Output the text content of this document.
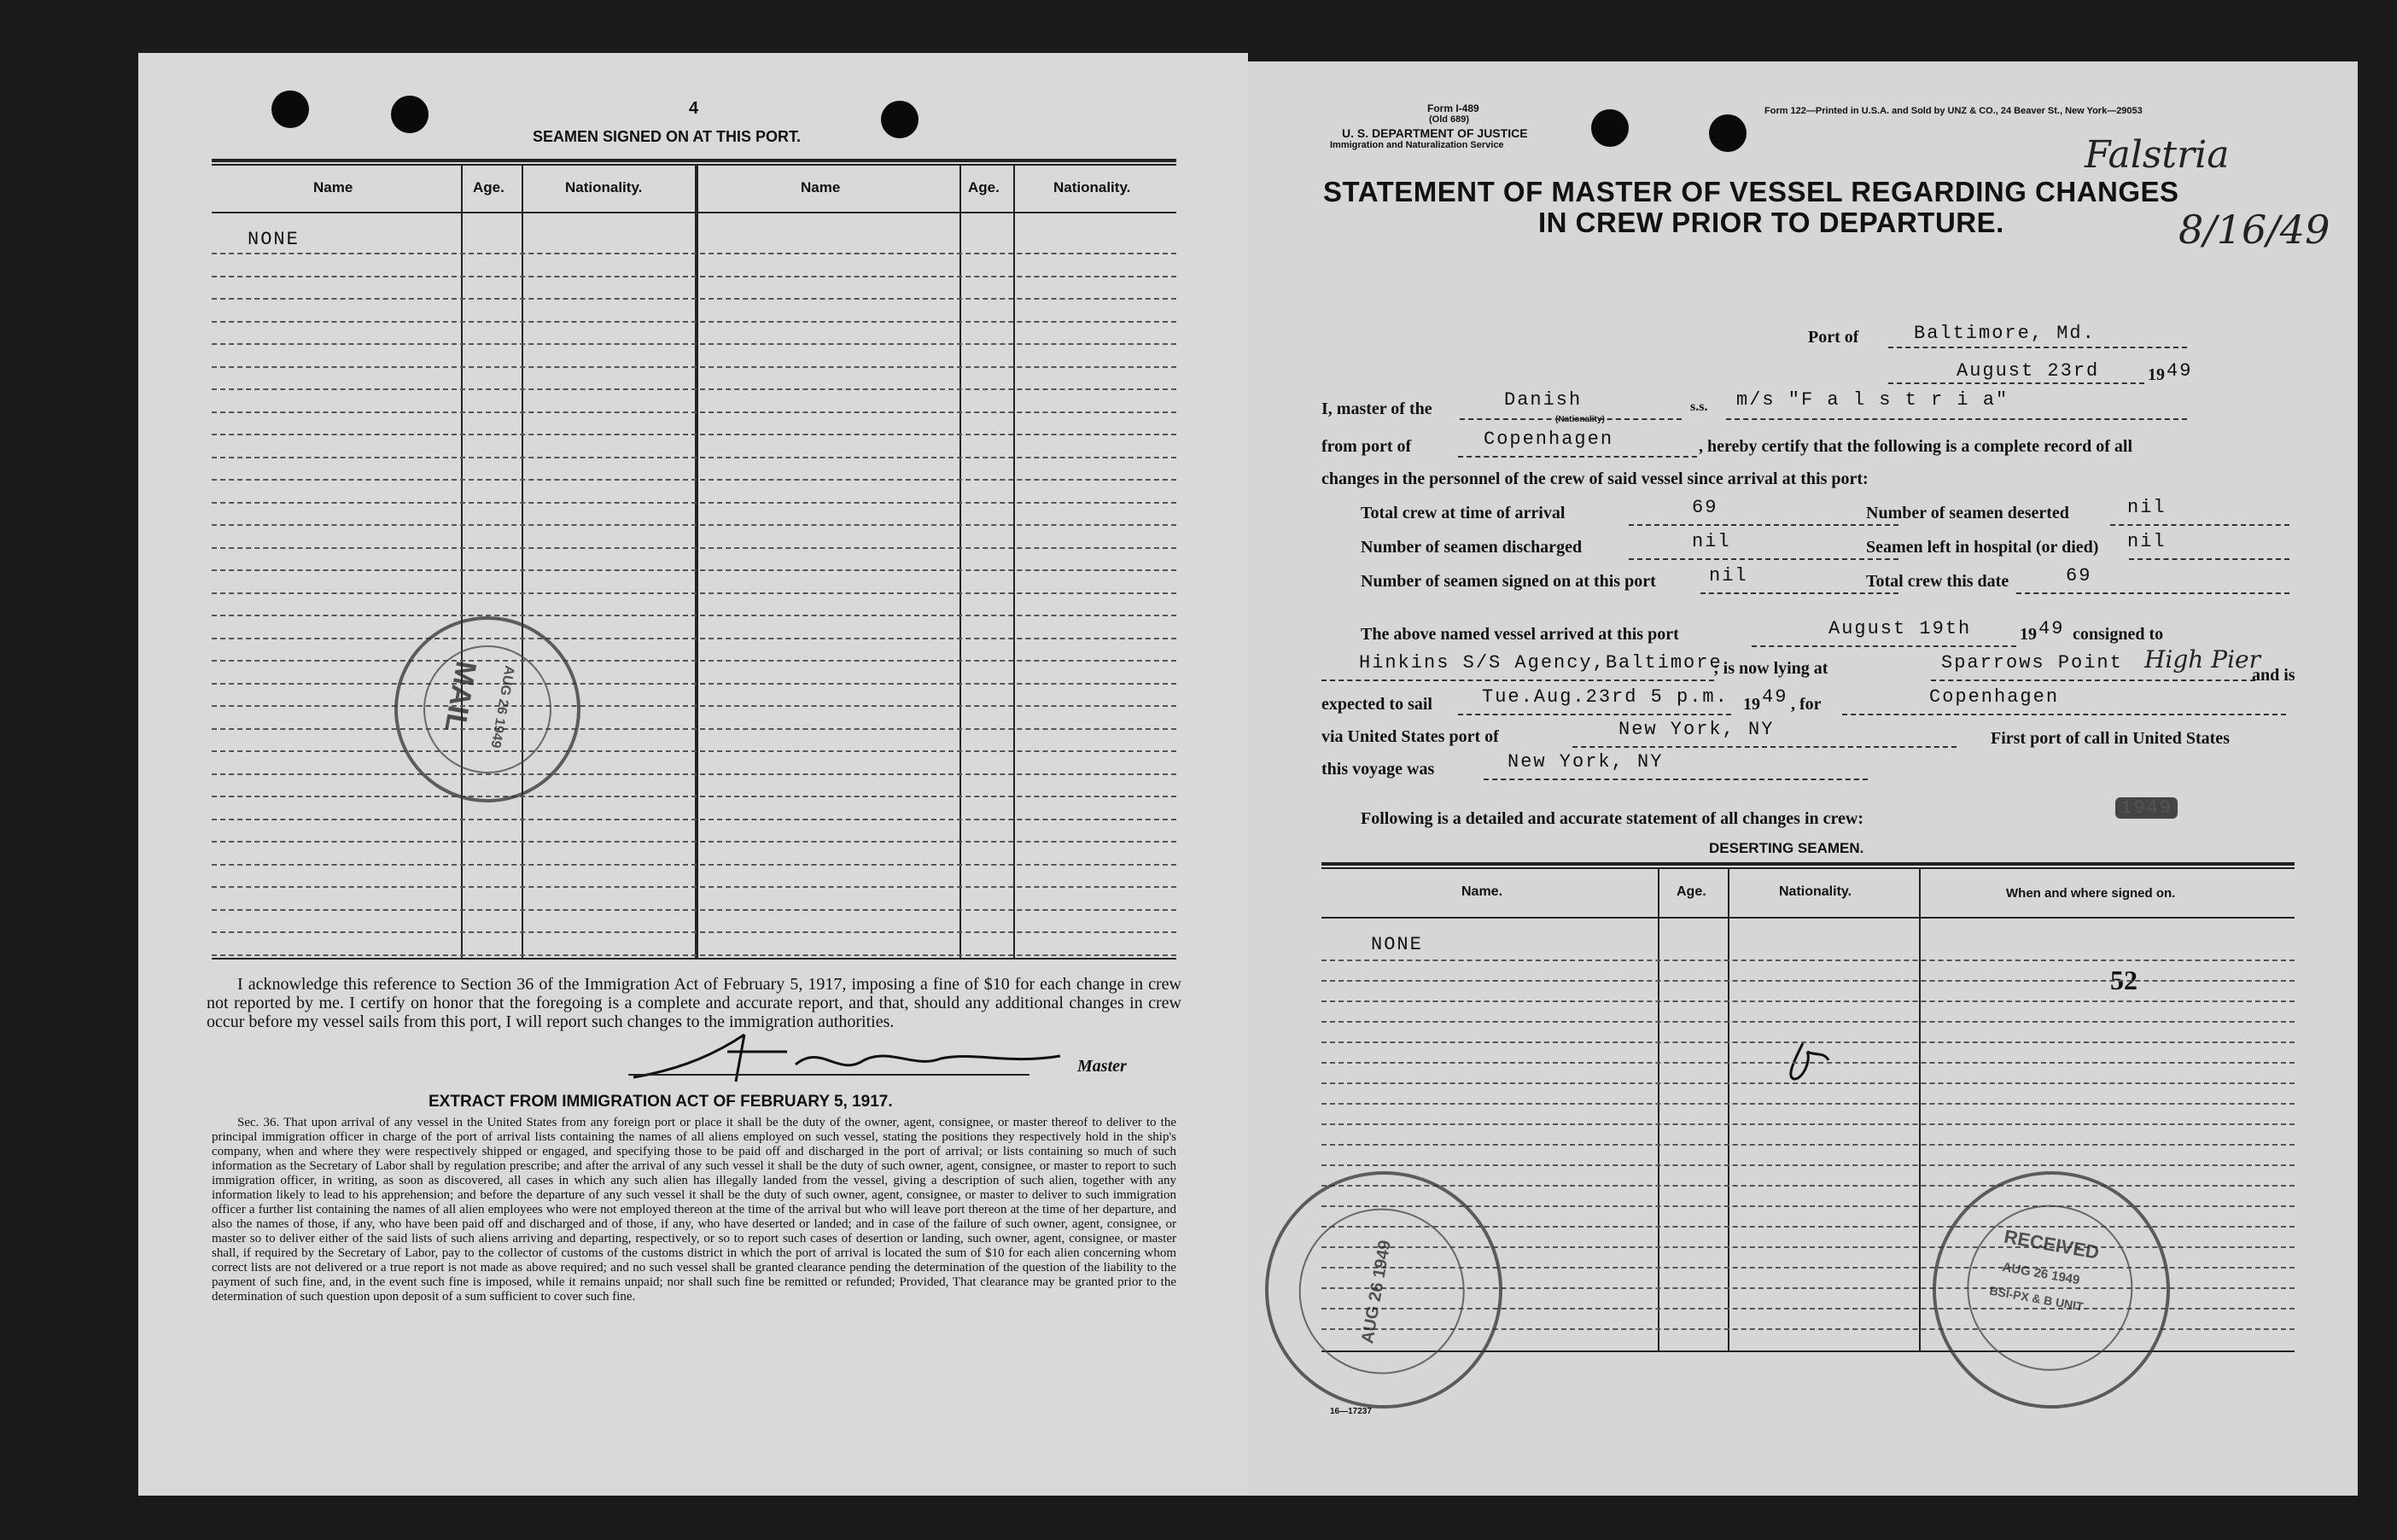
4
SEAMEN SIGNED ON AT THIS PORT.
Name	Age.	Nationality.	Name	Age.	Nationality.
NONE
MAIL AUG 26 1949
I acknowledge this reference to Section 36 of the Immigration Act of February 5, 1917, imposing a fine of $10 for each change in crew not reported by me. I certify on honor that the foregoing is a complete and accurate report, and that, should any additional changes in crew occur before my vessel sails from this port, I will report such changes to the immigration authorities.
Master
EXTRACT FROM IMMIGRATION ACT OF FEBRUARY 5, 1917.
Sec. 36. That upon arrival of any vessel in the United States from any foreign port or place it shall be the duty of the owner, agent, consignee, or master thereof to deliver to the principal immigration officer in charge of the port of arrival lists containing the names of all aliens employed on such vessel, stating the positions they respectively hold in the ship's company, when and where they were respectively shipped or engaged, and specifying those to be paid off and discharged in the port of arrival; or lists containing so much of such information as the Secretary of Labor shall by regulation prescribe; and after the arrival of any such vessel it shall be the duty of such owner, agent, consignee, or master to report to such immigration officer, in writing, as soon as discovered, all cases in which any such alien has illegally landed from the vessel, giving a description of such alien, together with any information likely to lead to his apprehension; and before the departure of any such vessel it shall be the duty of such owner, agent, consignee, or master to deliver to such immigration officer a further list containing the names of all alien employees who were not employed thereon at the time of the arrival but who will leave port thereon at the time of her departure, and also the names of those, if any, who have been paid off and discharged and of those, if any, who have deserted or landed; and in case of the failure of such owner, agent, consignee, or master so to deliver either of the said lists of such aliens arriving and departing, respectively, or so to report such cases of desertion or landing, such owner, agent, consignee, or master shall, if required by the Secretary of Labor, pay to the collector of customs of the customs district in which the port of arrival is located the sum of $10 for each alien concerning whom correct lists are not delivered or a true report is not made as above required; and no such vessel shall be granted clearance pending the determination of the question of the liability to the payment of such fine, and, in the event such fine is imposed, while it remains unpaid; nor shall such fine be remitted or refunded; Provided, That clearance may be granted prior to the determination of such question upon deposit of a sum sufficient to cover such fine.
Form I-489
(Old 689)
U. S. DEPARTMENT OF JUSTICE
Immigration and Naturalization Service
Form 122—Printed in U.S.A. and Sold by UNZ & CO., 24 Beaver St., New York—29053
Falstria
8/16/49
STATEMENT OF MASTER OF VESSEL REGARDING CHANGES
IN CREW PRIOR TO DEPARTURE.
Port of	Baltimore, Md.
August 23rd	19 49
I, master of the	Danish
(Nationality)
s.s. m/s "F a l s t r i a"
from port of	Copenhagen	, hereby certify that the following is a complete record of all
changes in the personnel of the crew of said vessel since arrival at this port:
Total crew at time of arrival	69	Number of seamen deserted	nil
Number of seamen discharged	nil	Seamen left in hospital (or died) nil
Number of seamen signed on at this port	nil	Total crew this date	69
The above named vessel arrived at this port	August 19th	19 49 consigned to
Hinkins S/S Agency,Baltimore
; is now lying at	Sparrows Point High Pier
and is
expected to sail	Tue.Aug.23rd 5 p.m. 19 49 , for	Copenhagen
via United States port of	New York, NY	First port of call in United States
this voyage was	New York, NY
1949
Following is a detailed and accurate statement of all changes in crew:
DESERTING SEAMEN.
Name.	Age.	Nationality.	When and where signed on.
NONE
52
AUG 26 1949	RECEIVED
AUG 26 1949
BSI-PX & B UNIT
16—17237
